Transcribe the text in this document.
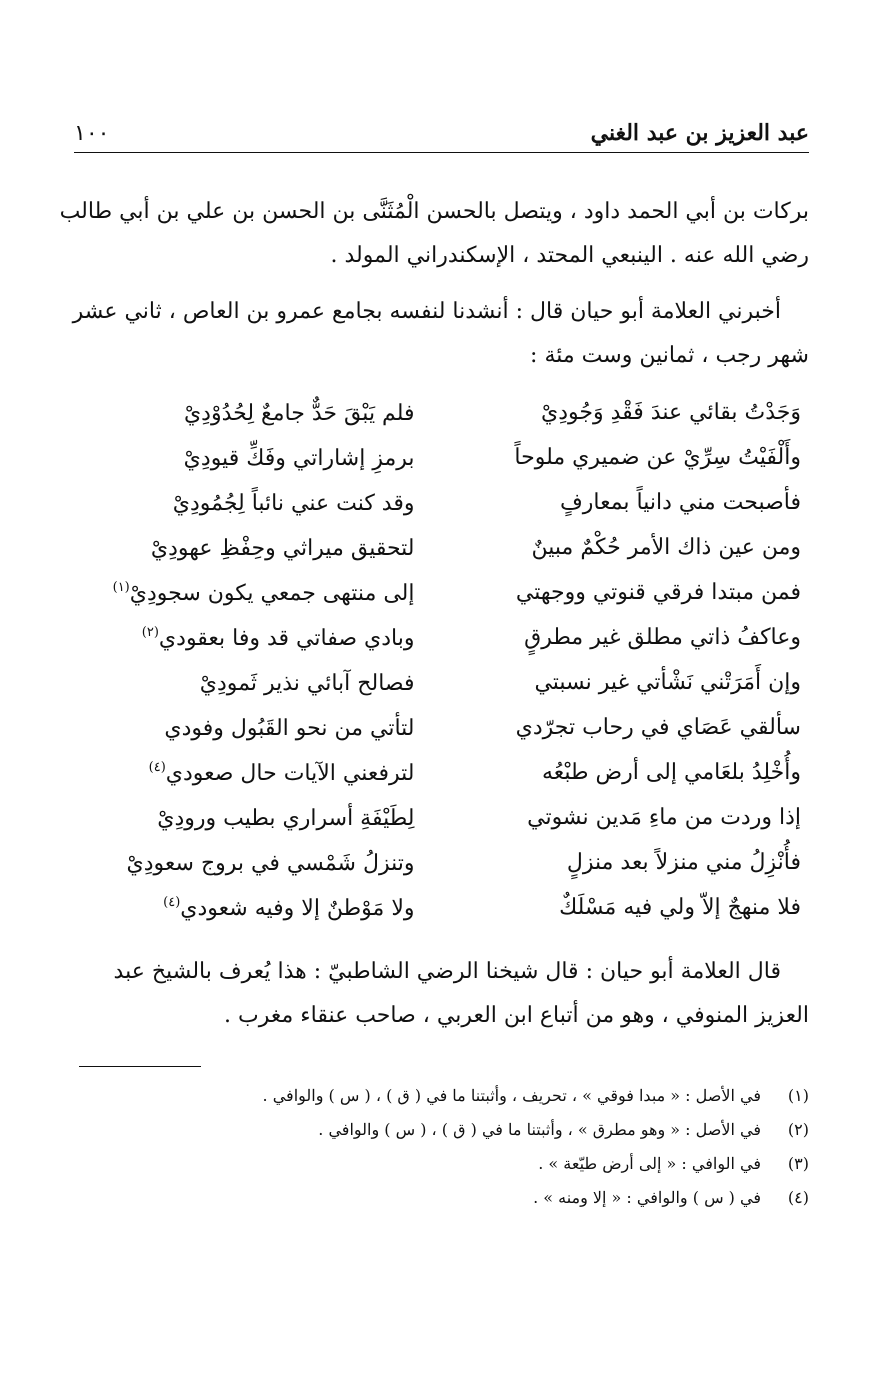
عبد العزيز بن عبد الغني
١٠٠

بركات بن أبي الحمد داود ، ويتصل بالحسن الْمُثَنَّى بن الحسن بن علي بن أبي طالب
رضي الله عنه . الينبعي المحتد ، الإسكندراني المولد .

أخبرني العلامة أبو حيان قال : أنشدنا لنفسه بجامع عمرو بن العاص ، ثاني عشر
شهر رجب ، ثمانين وست مئة :

وَجَدْتُ بقائي عندَ فَقْدِ وَجُودِيْ
فلم يَبْقَ حَدٌّ جامعٌ لِحُدُوْدِيْ
وأَلْفَيْتُ سِرِّيْ عن ضميري ملوحاً
برمزِ إشاراتي وفَكِّ قيودِيْ
فأصبحت مني دانياً بمعارفٍ
وقد كنت عني نائباً لِجُمُودِيْ
ومن عين ذاك الأمر حُكْمٌ مبينٌ
لتحقيق ميراثي وحِفْظِ عهودِيْ
فمن مبتدا فرقي قنوتي ووجهتي
إلى منتهى جمعي يكون سجودِيْ$^{(١)}$
وعاكفُ ذاتي مطلق غير مطرقٍ
وبادي صفاتي قد وفا بعقودي$^{(٢)}$
وإن أَمَرَتْني نَشْأتي غير نسبتي
فصالح آبائي نذير ثَمودِيْ
سألقي عَصَاي في رحاب تجرّدي
لتأتي من نحو القَبُول وفودي
وأُخْلِدُ بلعَامي إلى أرض طبْعُه
لترفعني الآيات حال صعودي$^{(٤)}$
إذا وردت من ماءِ مَدين نشوتي
لِطَيْفَةِ أسراري بطيب ورودِيْ
فأُنْزِلُ مني منزلاً بعد منزلٍ
وتنزلُ شَمْسي في بروج سعودِيْ
فلا منهجٌ إلاّ ولي فيه مَسْلَكٌ
ولا مَوْطنٌ إلا وفيه شعودي$^{(٤)}$

قال العلامة أبو حيان : قال شيخنا الرضي الشاطبيّ : هذا يُعرف بالشيخ عبد
العزيز المنوفي ، وهو من أتباع ابن العربي ، صاحب عنقاء مغرب .

(١)
في الأصل : « مبدا فوقي » ، تحريف ، وأثبتنا ما في ( ق ) ، ( س ) والوافي .
(٢)
في الأصل : « وهو مطرق » ، وأثبتنا ما في ( ق ) ، ( س ) والوافي .
(٣)
في الوافي : « إلى أرض طيّعة » .
(٤)
في ( س ) والوافي : « إلا ومنه » .
